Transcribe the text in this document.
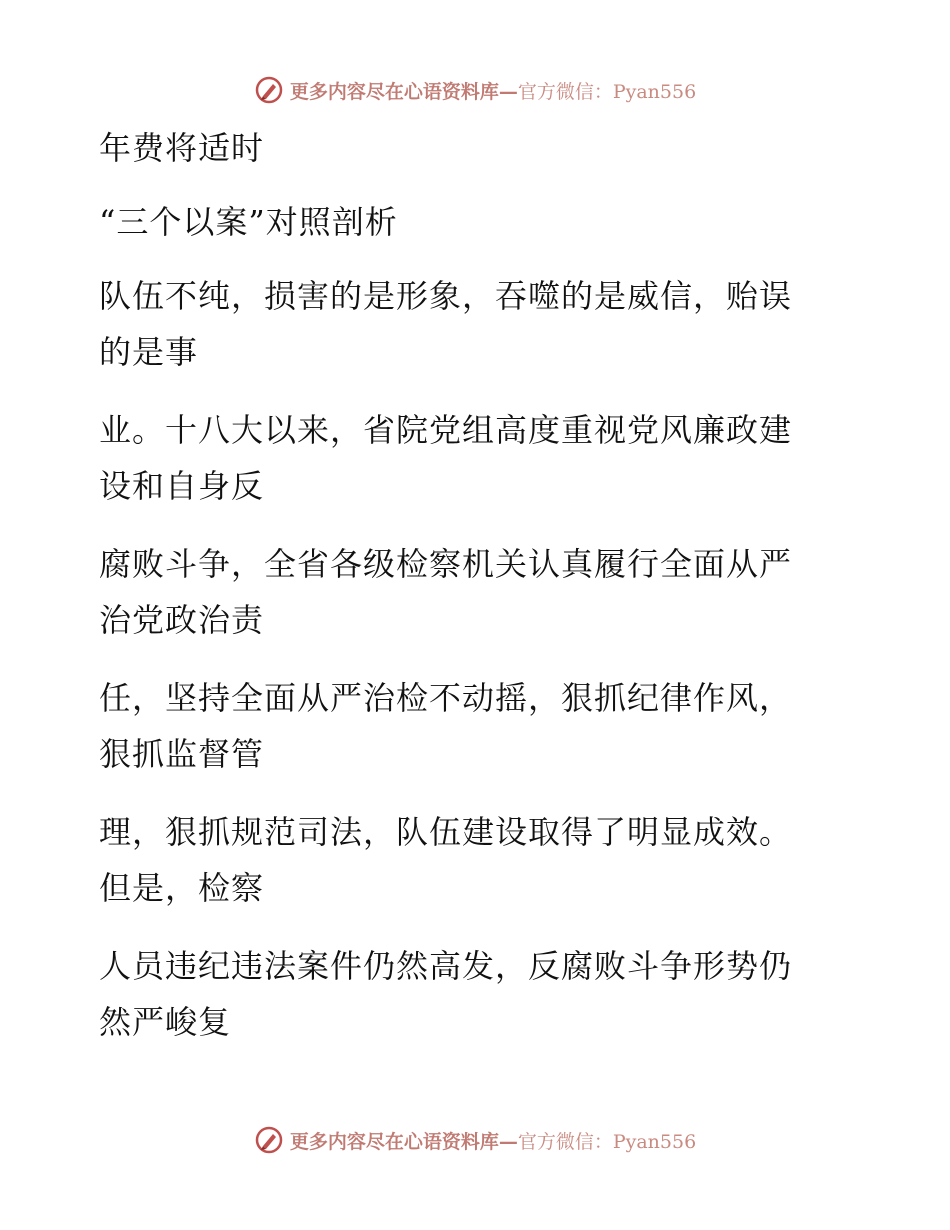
更多内容尽在心语资料库—官方微信：Pyan556
年费将适时
“三个以案”对照剖析
队伍不纯，损害的是形象，吞噬的是威信，贻误
的是事
业。十八大以来，省院党组高度重视党风廉政建
设和自身反
腐败斗争，全省各级检察机关认真履行全面从严
治党政治责
任，坚持全面从严治检不动摇，狠抓纪律作风，
狠抓监督管
理，狠抓规范司法，队伍建设取得了明显成效。
但是，检察
人员违纪违法案件仍然高发，反腐败斗争形势仍
然严峻复
更多内容尽在心语资料库—官方微信：Pyan556
